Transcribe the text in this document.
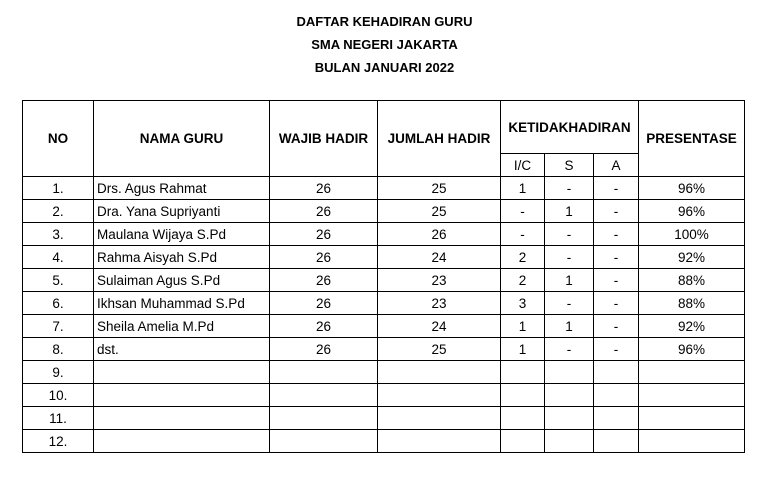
DAFTAR KEHADIRAN GURU
SMA NEGERI JAKARTA
BULAN JANUARI 2022
NO	NAMA GURU	WAJIB HADIR	JUMLAH HADIR	KETIDAKHADIRAN			PRESENTASE
				I/C	S	A	
1.	Drs. Agus Rahmat	26	25	1	-	-	96%
2.	Dra. Yana Supriyanti	26	25	-	1	-	96%
3.	Maulana Wijaya S.Pd	26	26	-	-	-	100%
4.	Rahma Aisyah S.Pd	26	24	2	-	-	92%
5.	Sulaiman Agus S.Pd	26	23	2	1	-	88%
6.	Ikhsan Muhammad S.Pd	26	23	3	-	-	88%
7.	Sheila Amelia M.Pd	26	24	1	1	-	92%
8.	dst.	26	25	1	-	-	96%
9.							
10.							
11.							
12.							
